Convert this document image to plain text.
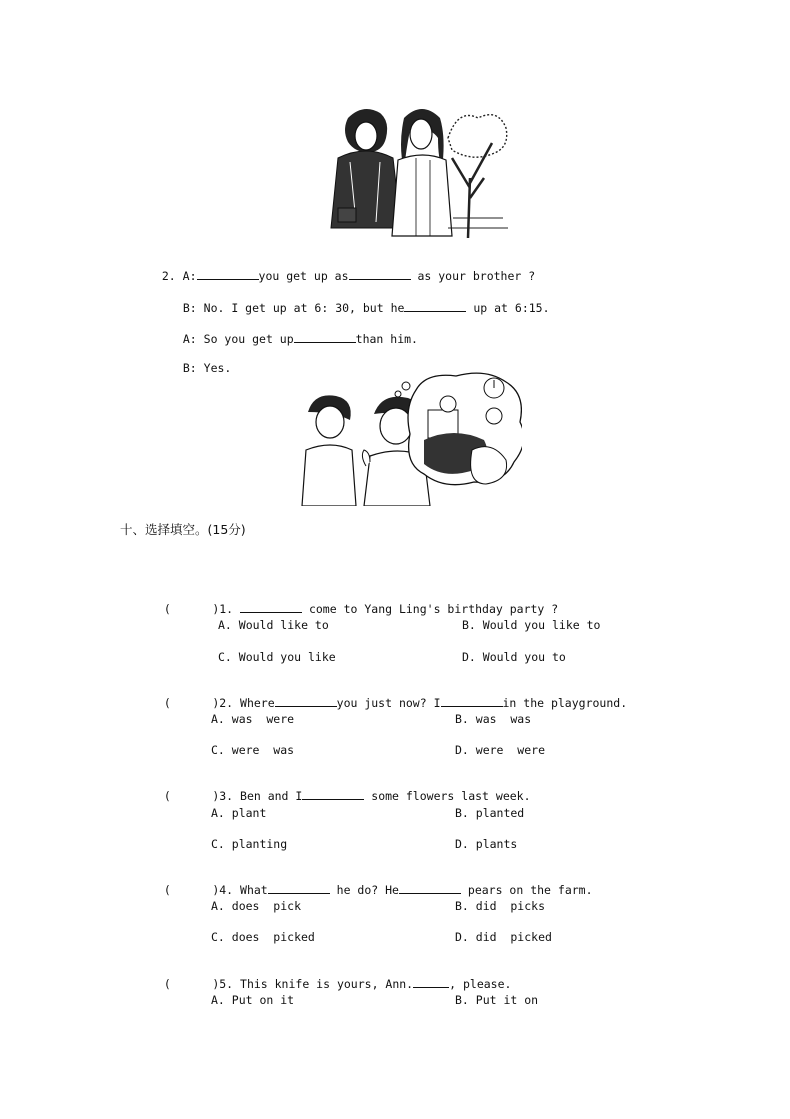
2. A:	you get up as	as your brother ?

B: No. I get up at 6: 30, but he	up at 6:15.

A: So you get up	than him.

B: Yes.

十、选择填空。(15分)

(      )1.	come to Yang Ling's birthday party ?

A. Would like to	B. Would you like to
C. Would you like	D. Would you to

(      )2. Where	you just now? I	in the playground.

A. was  were	B. was  was
C. were  was	D. were  were

(      )3. Ben and I	some flowers last week.

A. plant	B. planted
C. planting	D. plants

(      )4. What	he do? He	pears on the farm.

A. does  pick	B. did  picks
C. does  picked	D. did  picked

(      )5. This knife is yours, Ann.	, please.

A. Put on it	B. Put it on
